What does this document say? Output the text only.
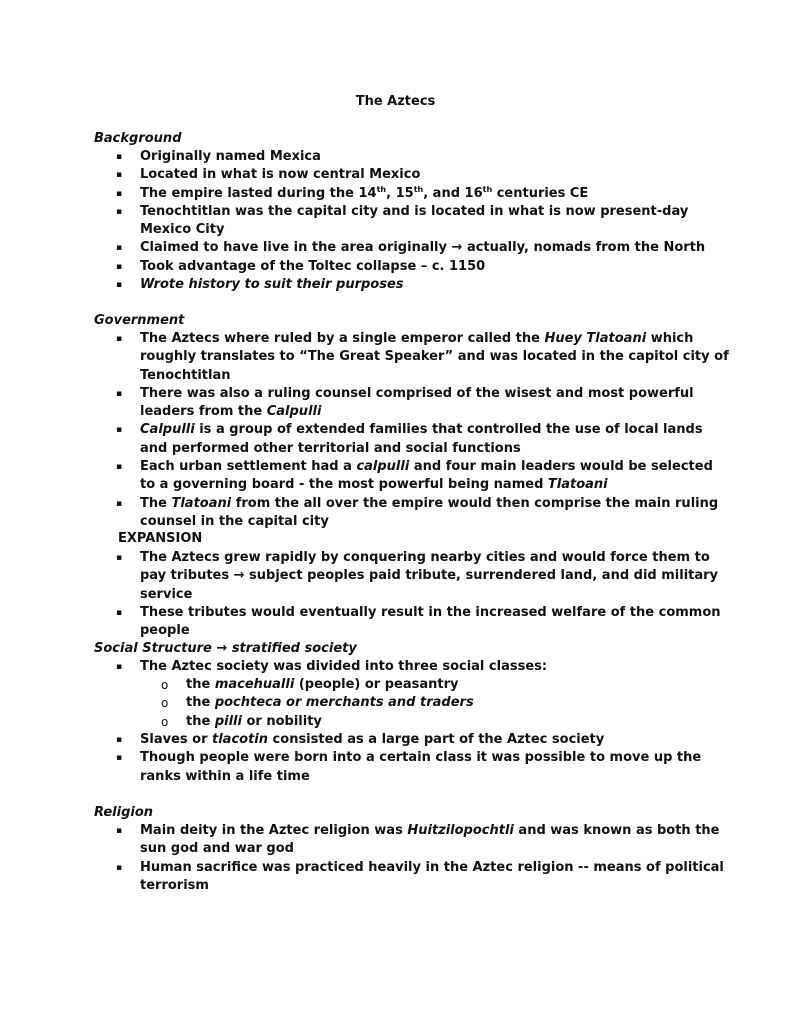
The Aztecs
Background
▪ Originally named Mexica
▪ Located in what is now central Mexico
▪ The empire lasted during the 14th, 15th, and 16th centuries CE
▪ Tenochtitlan was the capital city and is located in what is now present-day Mexico City
▪ Claimed to have live in the area originally → actually, nomads from the North
▪ Took advantage of the Toltec collapse – c. 1150
▪ Wrote history to suit their purposes
Government
▪ The Aztecs where ruled by a single emperor called the Huey Tlatoani which roughly translates to “The Great Speaker” and was located in the capitol city of Tenochtitlan
▪ There was also a ruling counsel comprised of the wisest and most powerful leaders from the Calpulli
▪ Calpulli is a group of extended families that controlled the use of local lands and performed other territorial and social functions
▪ Each urban settlement had a calpulli and four main leaders would be selected to a governing board - the most powerful being named Tlatoani
▪ The Tlatoani from the all over the empire would then comprise the main ruling counsel in the capital city
EXPANSION
▪ The Aztecs grew rapidly by conquering nearby cities and would force them to pay tributes → subject peoples paid tribute, surrendered land, and did military service
▪ These tributes would eventually result in the increased welfare of the common people
Social Structure → stratified society
▪ The Aztec society was divided into three social classes:
o the macehualli (people) or peasantry
o the pochteca or merchants and traders
o the pilli or nobility
▪ Slaves or tlacotin consisted as a large part of the Aztec society
▪ Though people were born into a certain class it was possible to move up the ranks within a life time
Religion
▪ Main deity in the Aztec religion was Huitzilopochtli and was known as both the sun god and war god
▪ Human sacrifice was practiced heavily in the Aztec religion -- means of political terrorism
